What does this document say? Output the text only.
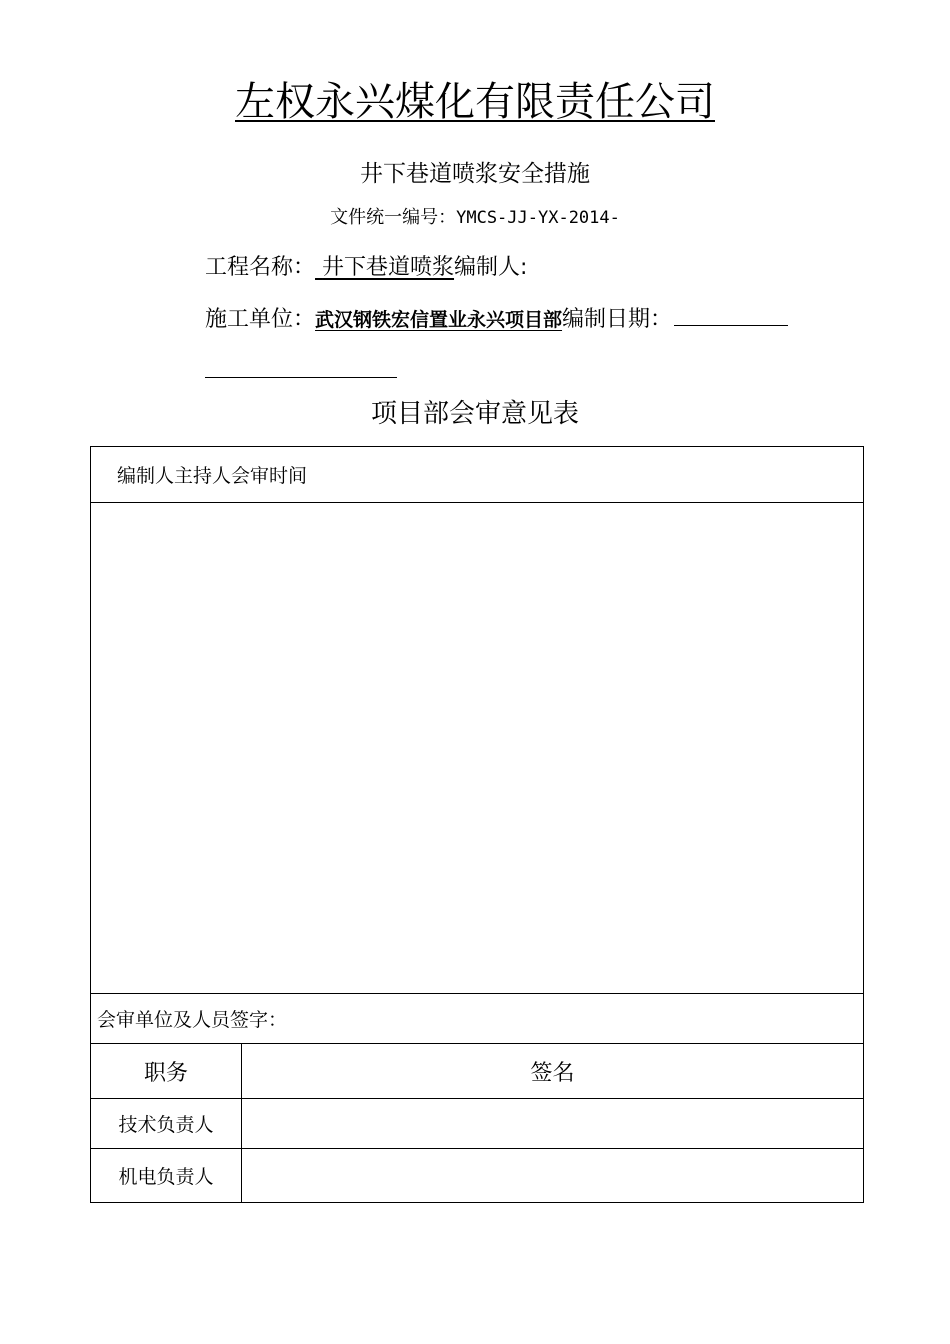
左权永兴煤化有限责任公司
井下巷道喷浆安全措施
文件统一编号：YMCS-JJ-YX-2014-
工程名称： 井下巷道喷浆编制人:
施工单位：武汉钢铁宏信置业永兴项目部编制日期：
项目部会审意见表
编制人主持人会审时间	

会审单位及人员签字：	
职务	签名
技术负责人	
机电负责人	
